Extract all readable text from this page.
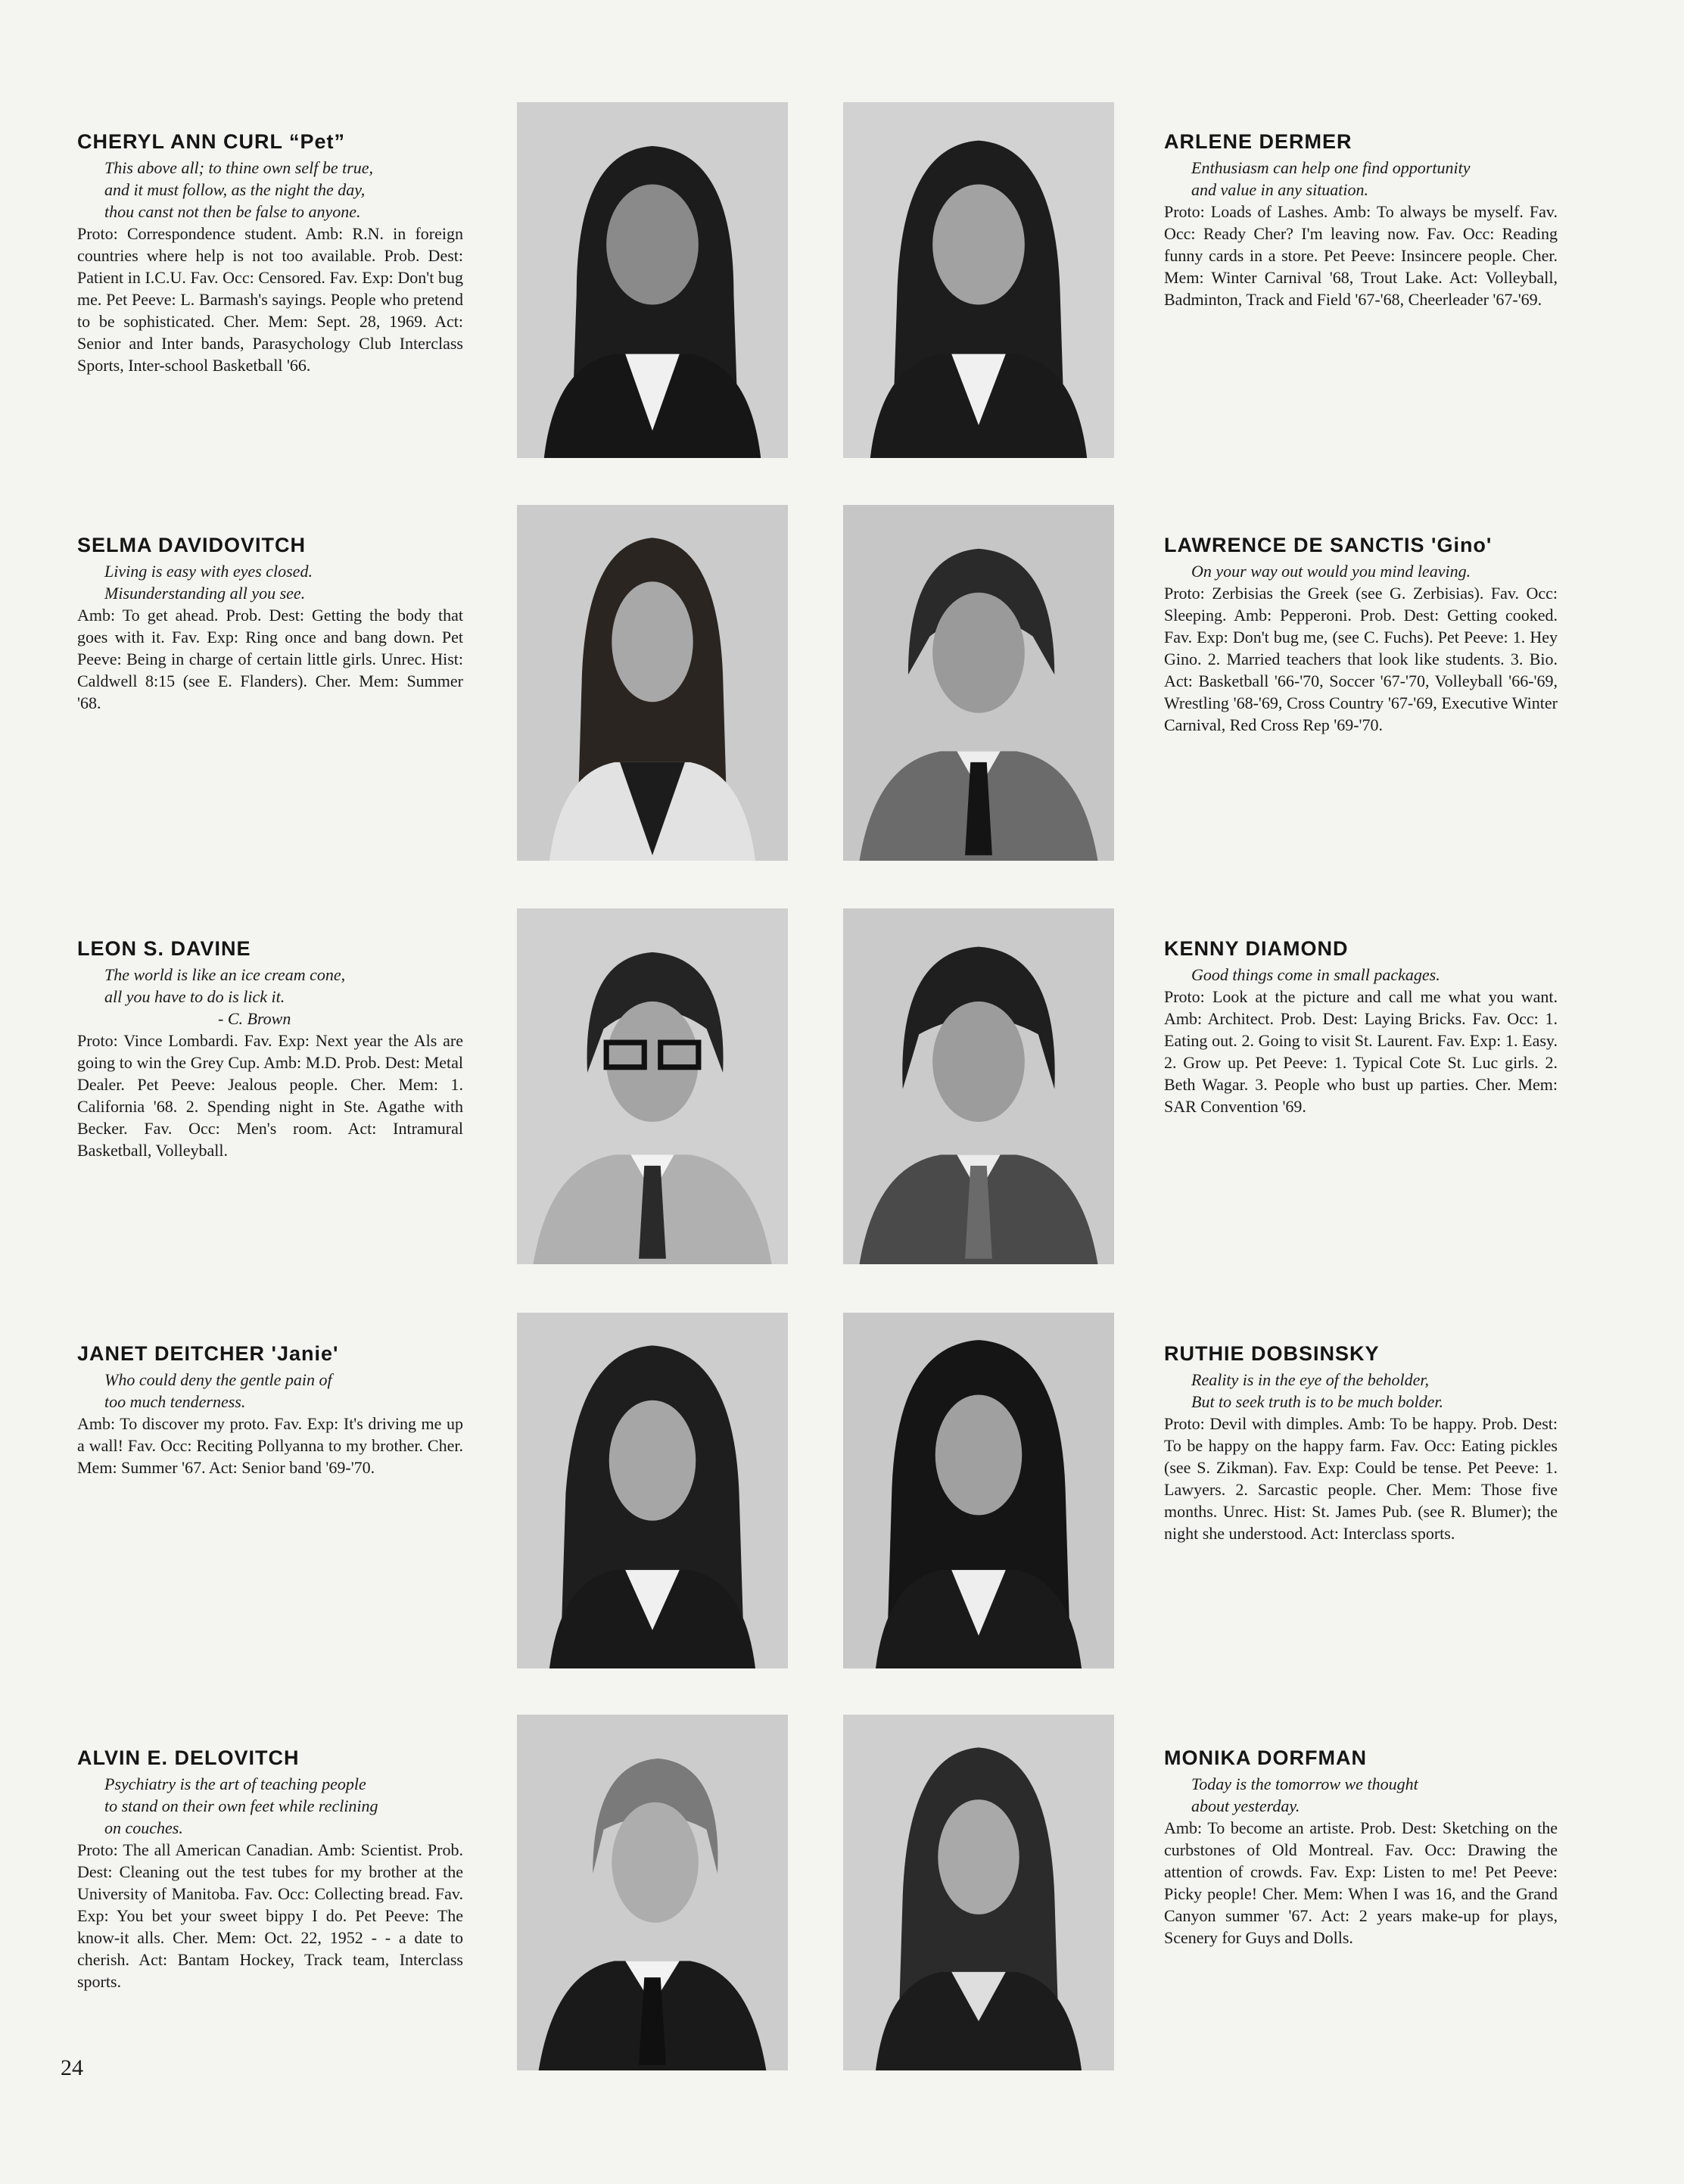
CHERYL ANN CURL “Pet”
This above all; to thine own self be true,
and it must follow, as the night the day,
thou canst not then be false to anyone.

Proto: Correspondence student. Amb: R.N. in foreign countries where help is not too available. Prob. Dest: Patient in I.C.U. Fav. Occ: Censored. Fav. Exp: Don't bug me. Pet Peeve: L. Barmash's sayings. People who pretend to be sophisticated. Cher. Mem: Sept. 28, 1969. Act: Senior and Inter bands, Parasychology Club Interclass Sports, Inter-school Basketball '66.

ARLENE DERMER
Enthusiasm can help one find opportunity
and value in any situation.

Proto: Loads of Lashes. Amb: To always be myself. Fav. Occ: Ready Cher? I'm leaving now. Fav. Occ: Reading funny cards in a store. Pet Peeve: Insincere people. Cher. Mem: Winter Carnival '68, Trout Lake. Act: Volleyball, Badminton, Track and Field '67-'68, Cheerleader '67-'69.

SELMA DAVIDOVITCH
Living is easy with eyes closed.
Misunderstanding all you see.

Amb: To get ahead. Prob. Dest: Getting the body that goes with it. Fav. Exp: Ring once and bang down. Pet Peeve: Being in charge of certain little girls. Unrec. Hist: Caldwell 8:15 (see E. Flanders). Cher. Mem: Summer '68.

LAWRENCE DE SANCTIS 'Gino'
On your way out would you mind leaving.

Proto: Zerbisias the Greek (see G. Zerbisias). Fav. Occ: Sleeping. Amb: Pepperoni. Prob. Dest: Getting cooked. Fav. Exp: Don't bug me, (see C. Fuchs). Pet Peeve: 1. Hey Gino. 2. Married teachers that look like students. 3. Bio. Act: Basketball '66-'70, Soccer '67-'70, Volleyball '66-'69, Wrestling '68-'69, Cross Country '67-'69, Executive Winter Carnival, Red Cross Rep '69-'70.

LEON S. DAVINE
The world is like an ice cream cone,
all you have to do is lick it.
- C. Brown

Proto: Vince Lombardi. Fav. Exp: Next year the Als are going to win the Grey Cup. Amb: M.D. Prob. Dest: Metal Dealer. Pet Peeve: Jealous people. Cher. Mem: 1. California '68. 2. Spending night in Ste. Agathe with Becker. Fav. Occ: Men's room. Act: Intramural Basketball, Volleyball.

KENNY DIAMOND
Good things come in small packages.

Proto: Look at the picture and call me what you want. Amb: Architect. Prob. Dest: Laying Bricks. Fav. Occ: 1. Eating out. 2. Going to visit St. Laurent. Fav. Exp: 1. Easy. 2. Grow up. Pet Peeve: 1. Typical Cote St. Luc girls. 2. Beth Wagar. 3. People who bust up parties. Cher. Mem: SAR Convention '69.

JANET DEITCHER 'Janie'
Who could deny the gentle pain of
too much tenderness.

Amb: To discover my proto. Fav. Exp: It's driving me up a wall! Fav. Occ: Reciting Pollyanna to my brother. Cher. Mem: Summer '67. Act: Senior band '69-'70.

RUTHIE DOBSINSKY
Reality is in the eye of the beholder,
But to seek truth is to be much bolder.

Proto: Devil with dimples. Amb: To be happy. Prob. Dest: To be happy on the happy farm. Fav. Occ: Eating pickles (see S. Zikman). Fav. Exp: Could be tense. Pet Peeve: 1. Lawyers. 2. Sarcastic people. Cher. Mem: Those five months. Unrec. Hist: St. James Pub. (see R. Blumer); the night she understood. Act: Interclass sports.

ALVIN E. DELOVITCH
Psychiatry is the art of teaching people
to stand on their own feet while reclining
on couches.

Proto: The all American Canadian. Amb: Scientist. Prob. Dest: Cleaning out the test tubes for my brother at the University of Manitoba. Fav. Occ: Collecting bread. Fav. Exp: You bet your sweet bippy I do. Pet Peeve: The know-it alls. Cher. Mem: Oct. 22, 1952 - - a date to cherish. Act: Bantam Hockey, Track team, Interclass sports.

MONIKA DORFMAN
Today is the tomorrow we thought
about yesterday.

Amb: To become an artiste. Prob. Dest: Sketching on the curbstones of Old Montreal. Fav. Occ: Drawing the attention of crowds. Fav. Exp: Listen to me! Pet Peeve: Picky people! Cher. Mem: When I was 16, and the Grand Canyon summer '67. Act: 2 years make-up for plays, Scenery for Guys and Dolls.

24
